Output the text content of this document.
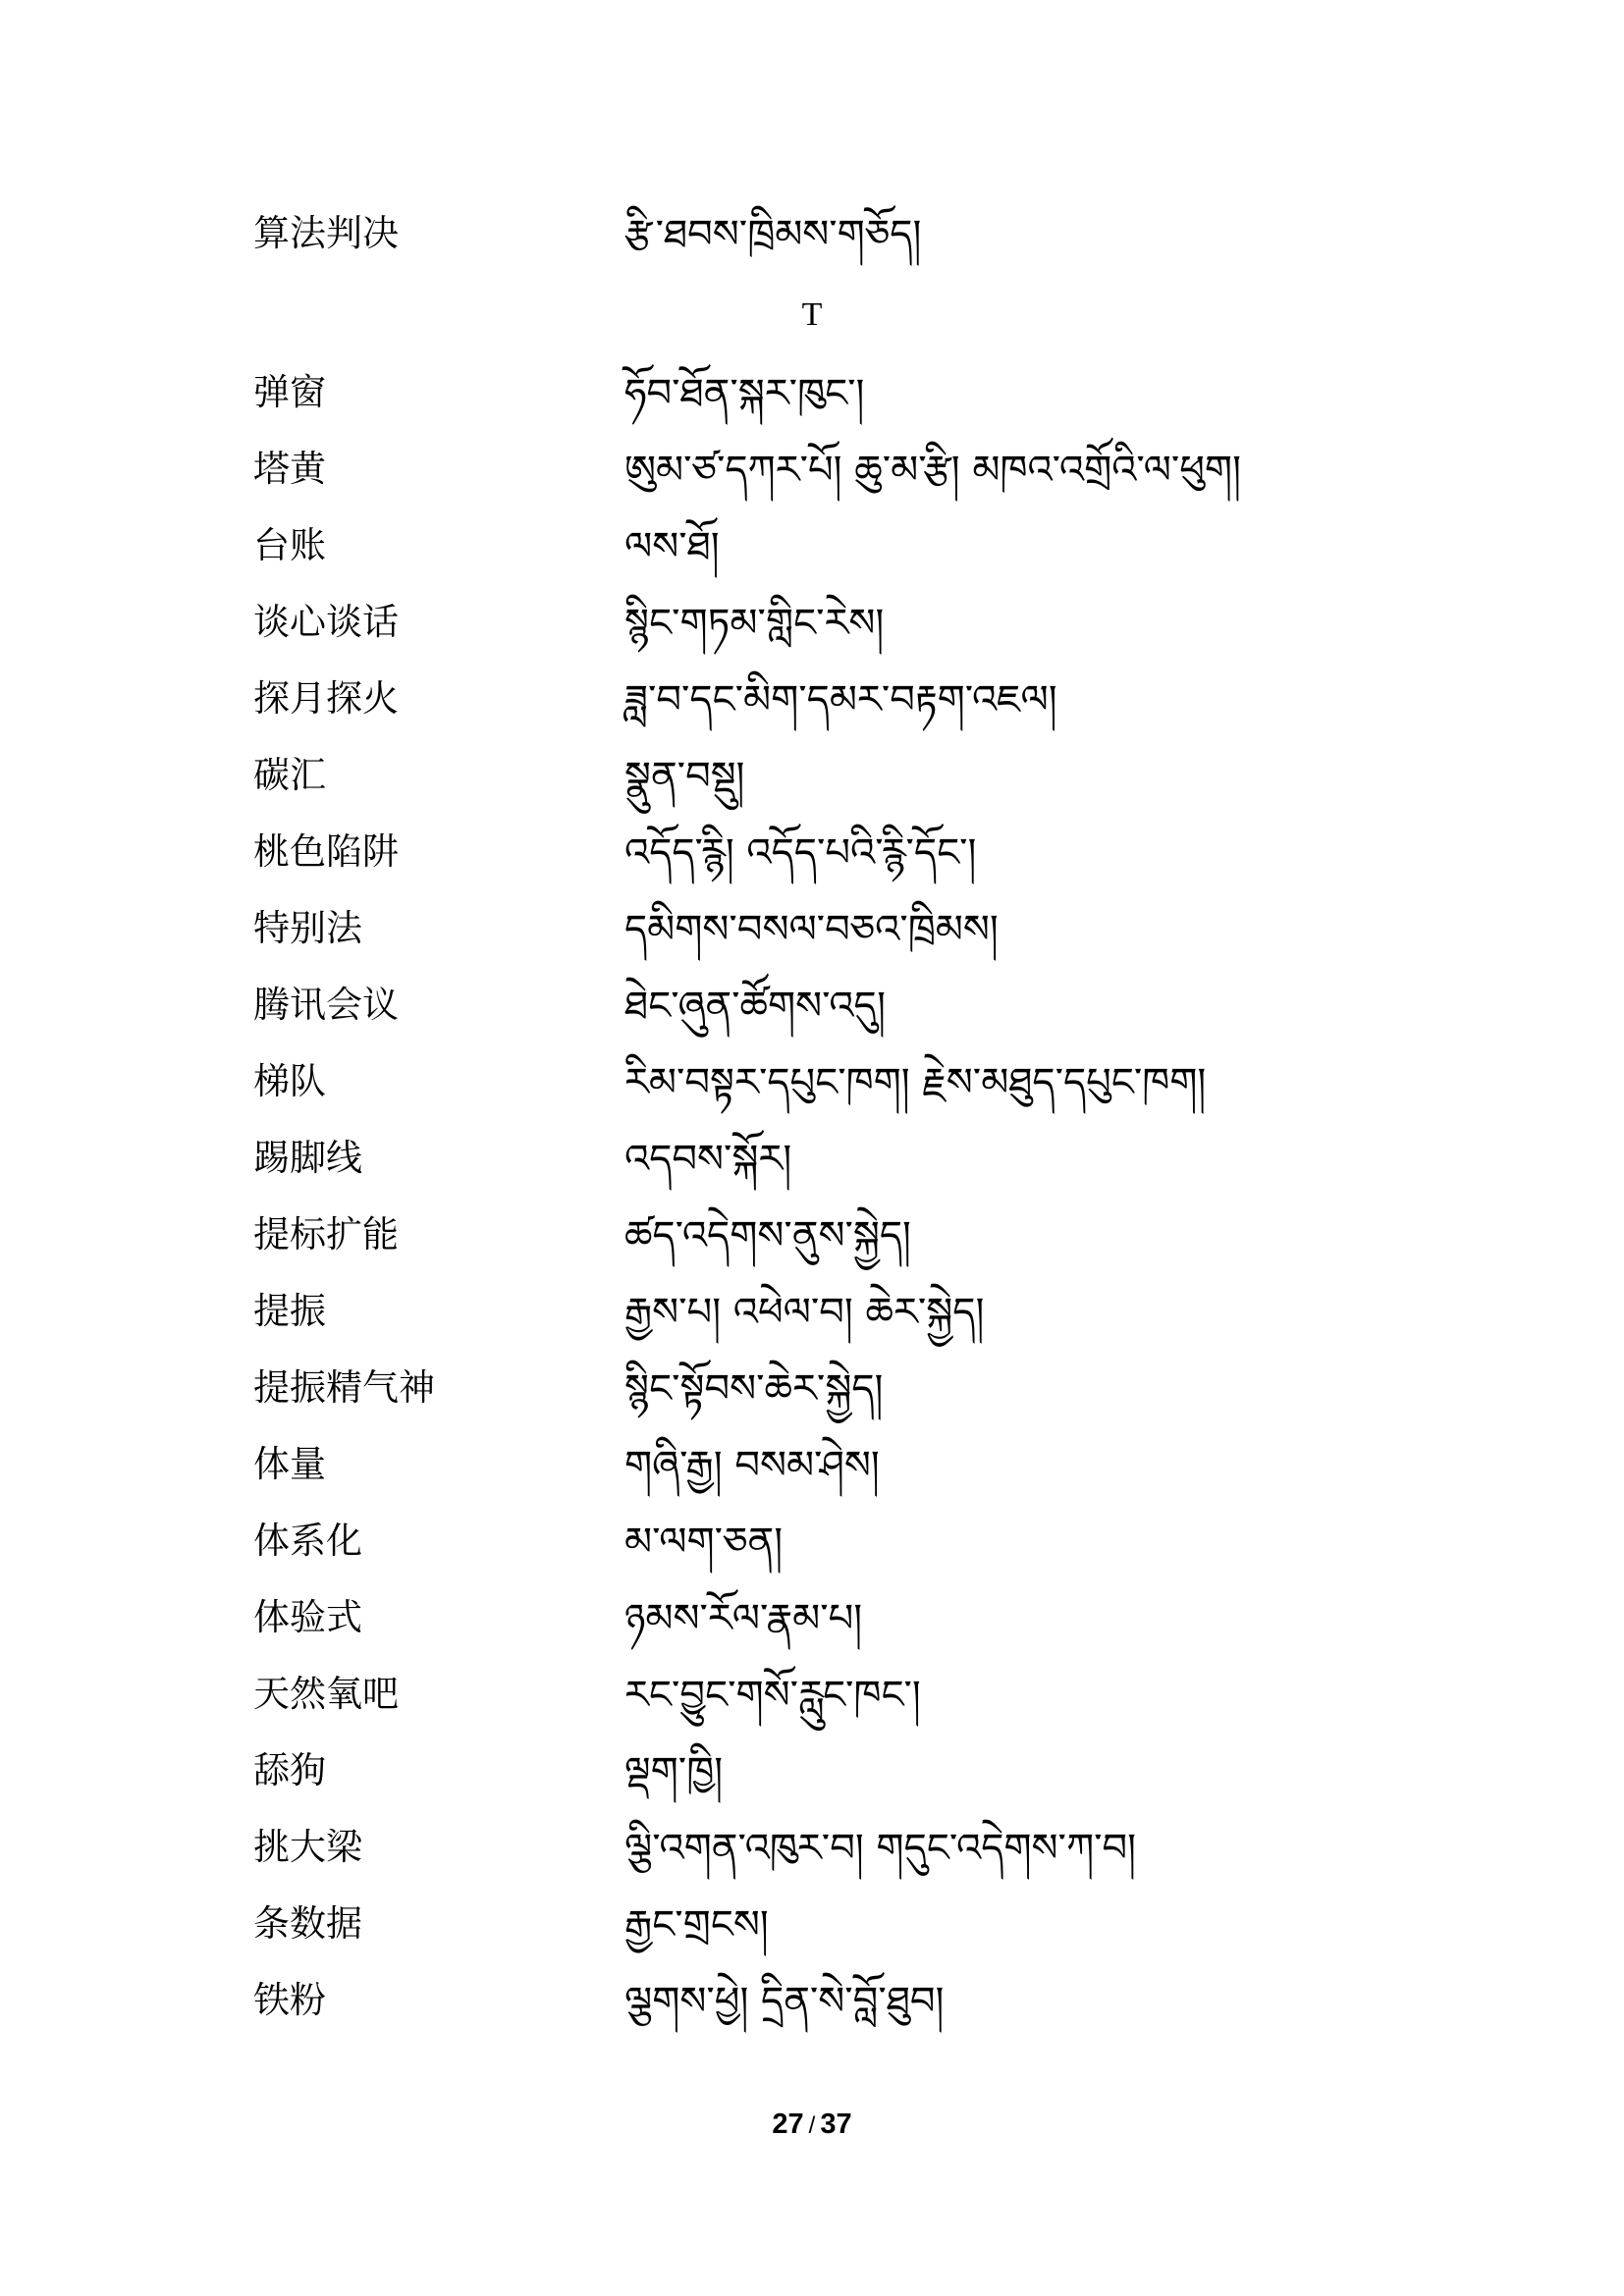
算法判决	རྩི་ཐབས་ཁྲིམས་གཅོད།
T
弹窗	ཧོབ་ཐོན་སྐར་ཁུང་།
塔黄	ཨུམ་ཙ་དཀར་པོ། ཆུ་མ་རྩི། མཁའ་འགྲོའི་ལ་ཕུག།
台账	ལས་ཐོ།
谈心谈话	སྙིང་གཏམ་གླིང་རེས།
探月探火	ཟླ་བ་དང་མིག་དམར་བརྟག་འཇལ།
碳汇	སྣུན་བསྡུ།
桃色陷阱	འདོད་རྙི། འདོད་པའི་རྙི་དོང་།
特别法	དམིགས་བསལ་བཅའ་ཁྲིམས།
腾讯会议	ཐེང་ཞུན་ཚོགས་འདུ།
梯队	རིམ་བསྟར་དཔུང་ཁག། རྗེས་མཐུད་དཔུང་ཁག།
踢脚线	འདབས་སྐོར།
提标扩能	ཚད་འདེགས་ནུས་སྐྱེད།
提振	རྒྱས་པ། འཕེལ་བ། ཆེར་སྐྱེད།
提振精气神	སྙིང་སྟོབས་ཆེར་སྐྱེད།
体量	གཞི་རྒྱ། བསམ་ཤེས།
体系化	མ་ལག་ཅན།
体验式	ཉམས་རོལ་རྣམ་པ།
天然氧吧	རང་བྱུང་གསོ་རླུང་ཁང་།
舔狗	ལྡག་ཁྱི།
挑大梁	ལྕི་འགན་འཁུར་བ། གདུང་འདེགས་ཀ་བ།
条数据	རྒྱང་གྲངས།
铁粉	ལྕགས་ཕྱེ། དྲིན་སེ་བློ་ཐུབ།
27 / 37
